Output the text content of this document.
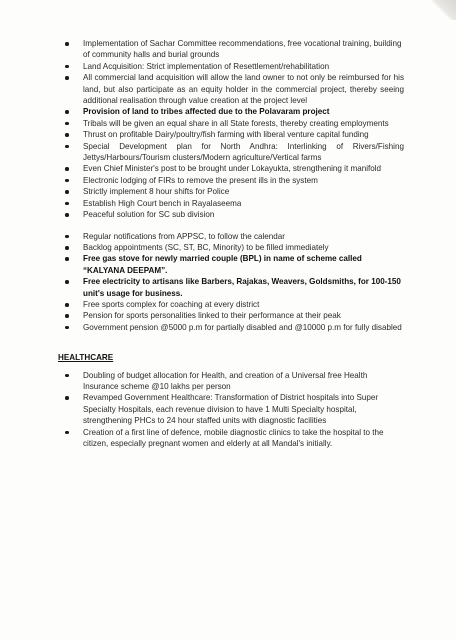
Implementation of Sachar Committee recommendations, free vocational training, building of community halls and burial grounds
Land Acquisition: Strict implementation of Resettlement/rehabilitation
All commercial land acquisition will allow the land owner to not only be reimbursed for his land, but also participate as an equity holder in the commercial project, thereby seeing additional realisation through value creation at the project level
Provision of land to tribes affected due to the Polavaram project
Tribals will be given an equal share in all State forests, thereby creating employments
Thrust on profitable Dairy/poultry/fish farming with liberal venture capital funding
Special Development plan for North Andhra: Interlinking of Rivers/Fishing Jettys/Harbours/Tourism clusters/Modern agriculture/Vertical farms
Even Chief Minister's post to be brought under Lokayukta, strengthening it manifold
Electronic lodging of FIRs to remove the present ills in the system
Strictly implement 8 hour shifts for Police
Establish High Court bench in Rayalaseema
Peaceful solution for SC sub division
Regular notifications from APPSC, to follow the calendar
Backlog appointments (SC, ST, BC, Minority) to be filled immediately
Free gas stove for newly married couple (BPL) in name of scheme called “KALYANA DEEPAM”.
Free electricity to artisans like Barbers, Rajakas, Weavers, Goldsmiths, for 100-150 unit's usage for business.
Free sports complex for coaching at every district
Pension for sports personalities linked to their performance at their peak
Government pension @5000 p.m for partially disabled and @10000 p.m for fully disabled
HEALTHCARE
Doubling of budget allocation for Health, and creation of a Universal free Health Insurance scheme @10 lakhs per person
Revamped Government Healthcare: Transformation of District hospitals into Super Specialty Hospitals, each revenue division to have 1 Multi Specialty hospital, strengthening PHCs to 24 hour staffed units with diagnostic facilities
Creation of a first line of defence, mobile diagnostic clinics to take the hospital to the citizen, especially pregnant women and elderly at all Mandal's initially.
